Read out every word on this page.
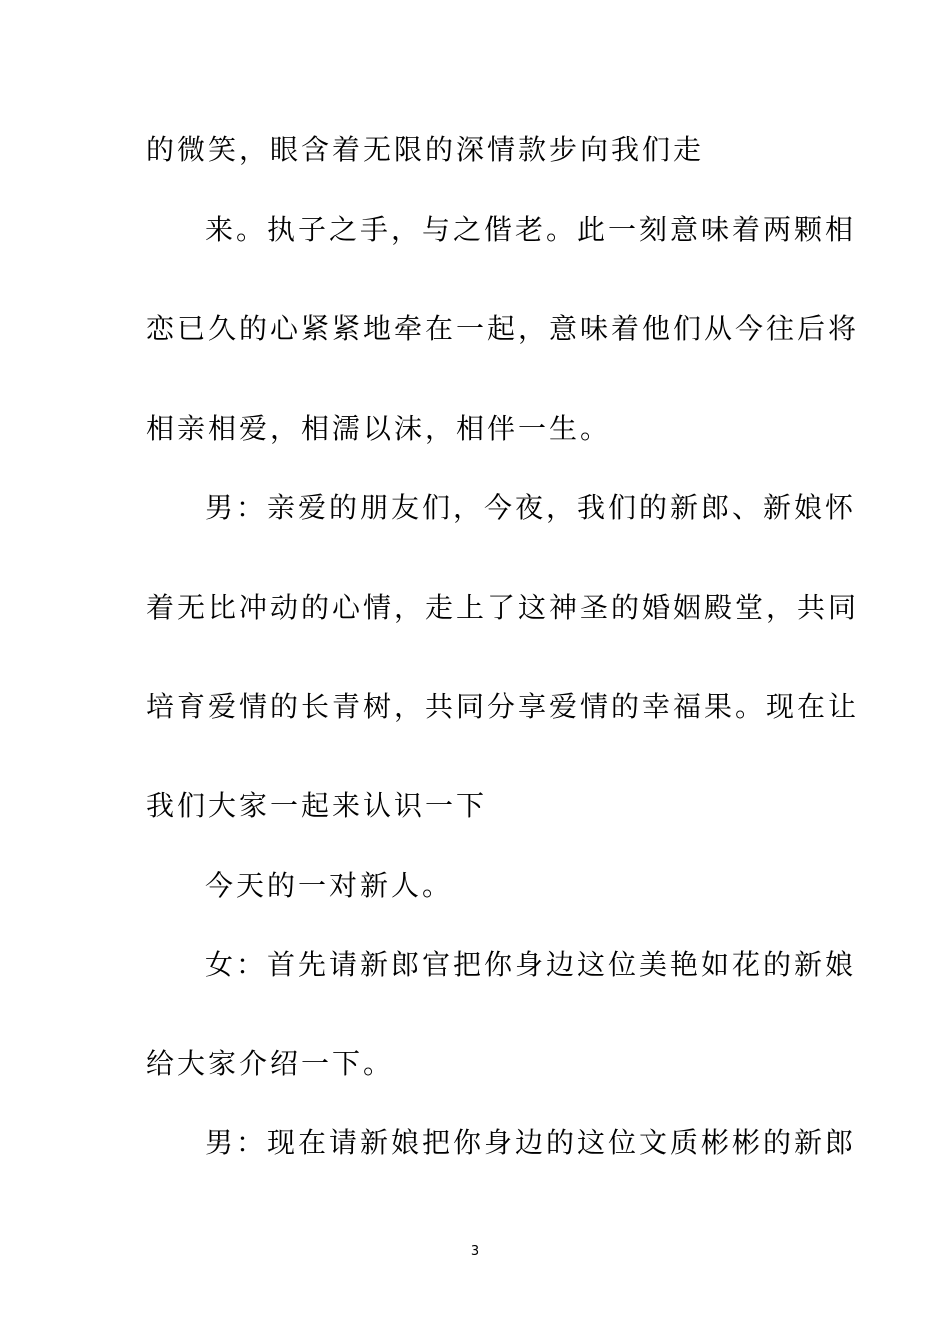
的微笑，眼含着无限的深情款步向我们走
来。执子之手，与之偕老。此一刻意味着两颗相
恋已久的心紧紧地牵在一起，意味着他们从今往后将
相亲相爱，相濡以沫，相伴一生。
男：亲爱的朋友们，今夜，我们的新郎、新娘怀
着无比冲动的心情，走上了这神圣的婚姻殿堂，共同
培育爱情的长青树，共同分享爱情的幸福果。现在让
我们大家一起来认识一下
今天的一对新人。
女：首先请新郎官把你身边这位美艳如花的新娘
给大家介绍一下。
男：现在请新娘把你身边的这位文质彬彬的新郎
3
